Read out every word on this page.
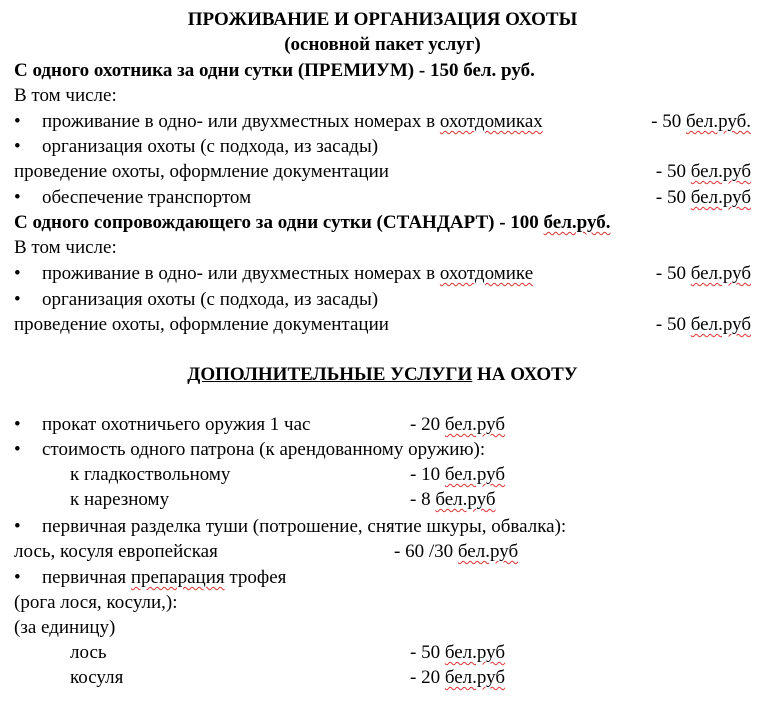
ПРОЖИВАНИЕ И ОРГАНИЗАЦИЯ ОХОТЫ
(основной пакет услуг)
С одного охотника за одни сутки (ПРЕМИУМ) - 150 бел. руб.
В том числе:
• проживание в одно- или двухместных номерах в охотдомиках	- 50 бел.руб.
• организация охоты (с подхода, из засады)
проведение охоты, оформление документации	- 50 бел.руб
• обеспечение транспортом	- 50 бел.руб
С одного сопровождающего за одни сутки (СТАНДАРТ) - 100 бел.руб.
В том числе:
• проживание в одно- или двухместных номерах в охотдомике	- 50 бел.руб
• организация охоты (с подхода, из засады)
проведение охоты, оформление документации	- 50 бел.руб
ДОПОЛНИТЕЛЬНЫЕ УСЛУГИ НА ОХОТУ
• прокат охотничьего оружия 1 час	- 20 бел.руб
• стоимость одного патрона (к арендованному оружию):
к гладкоствольному	- 10 бел.руб
к нарезному	- 8 бел.руб
• первичная разделка туши (потрошение, снятие шкуры, обвалка):
лось, косуля европейская	- 60 /30 бел.руб
• первичная препарация трофея
(рога лося, косули,):
(за единицу)
лось	- 50 бел.руб
косуля	- 20 бел.руб
